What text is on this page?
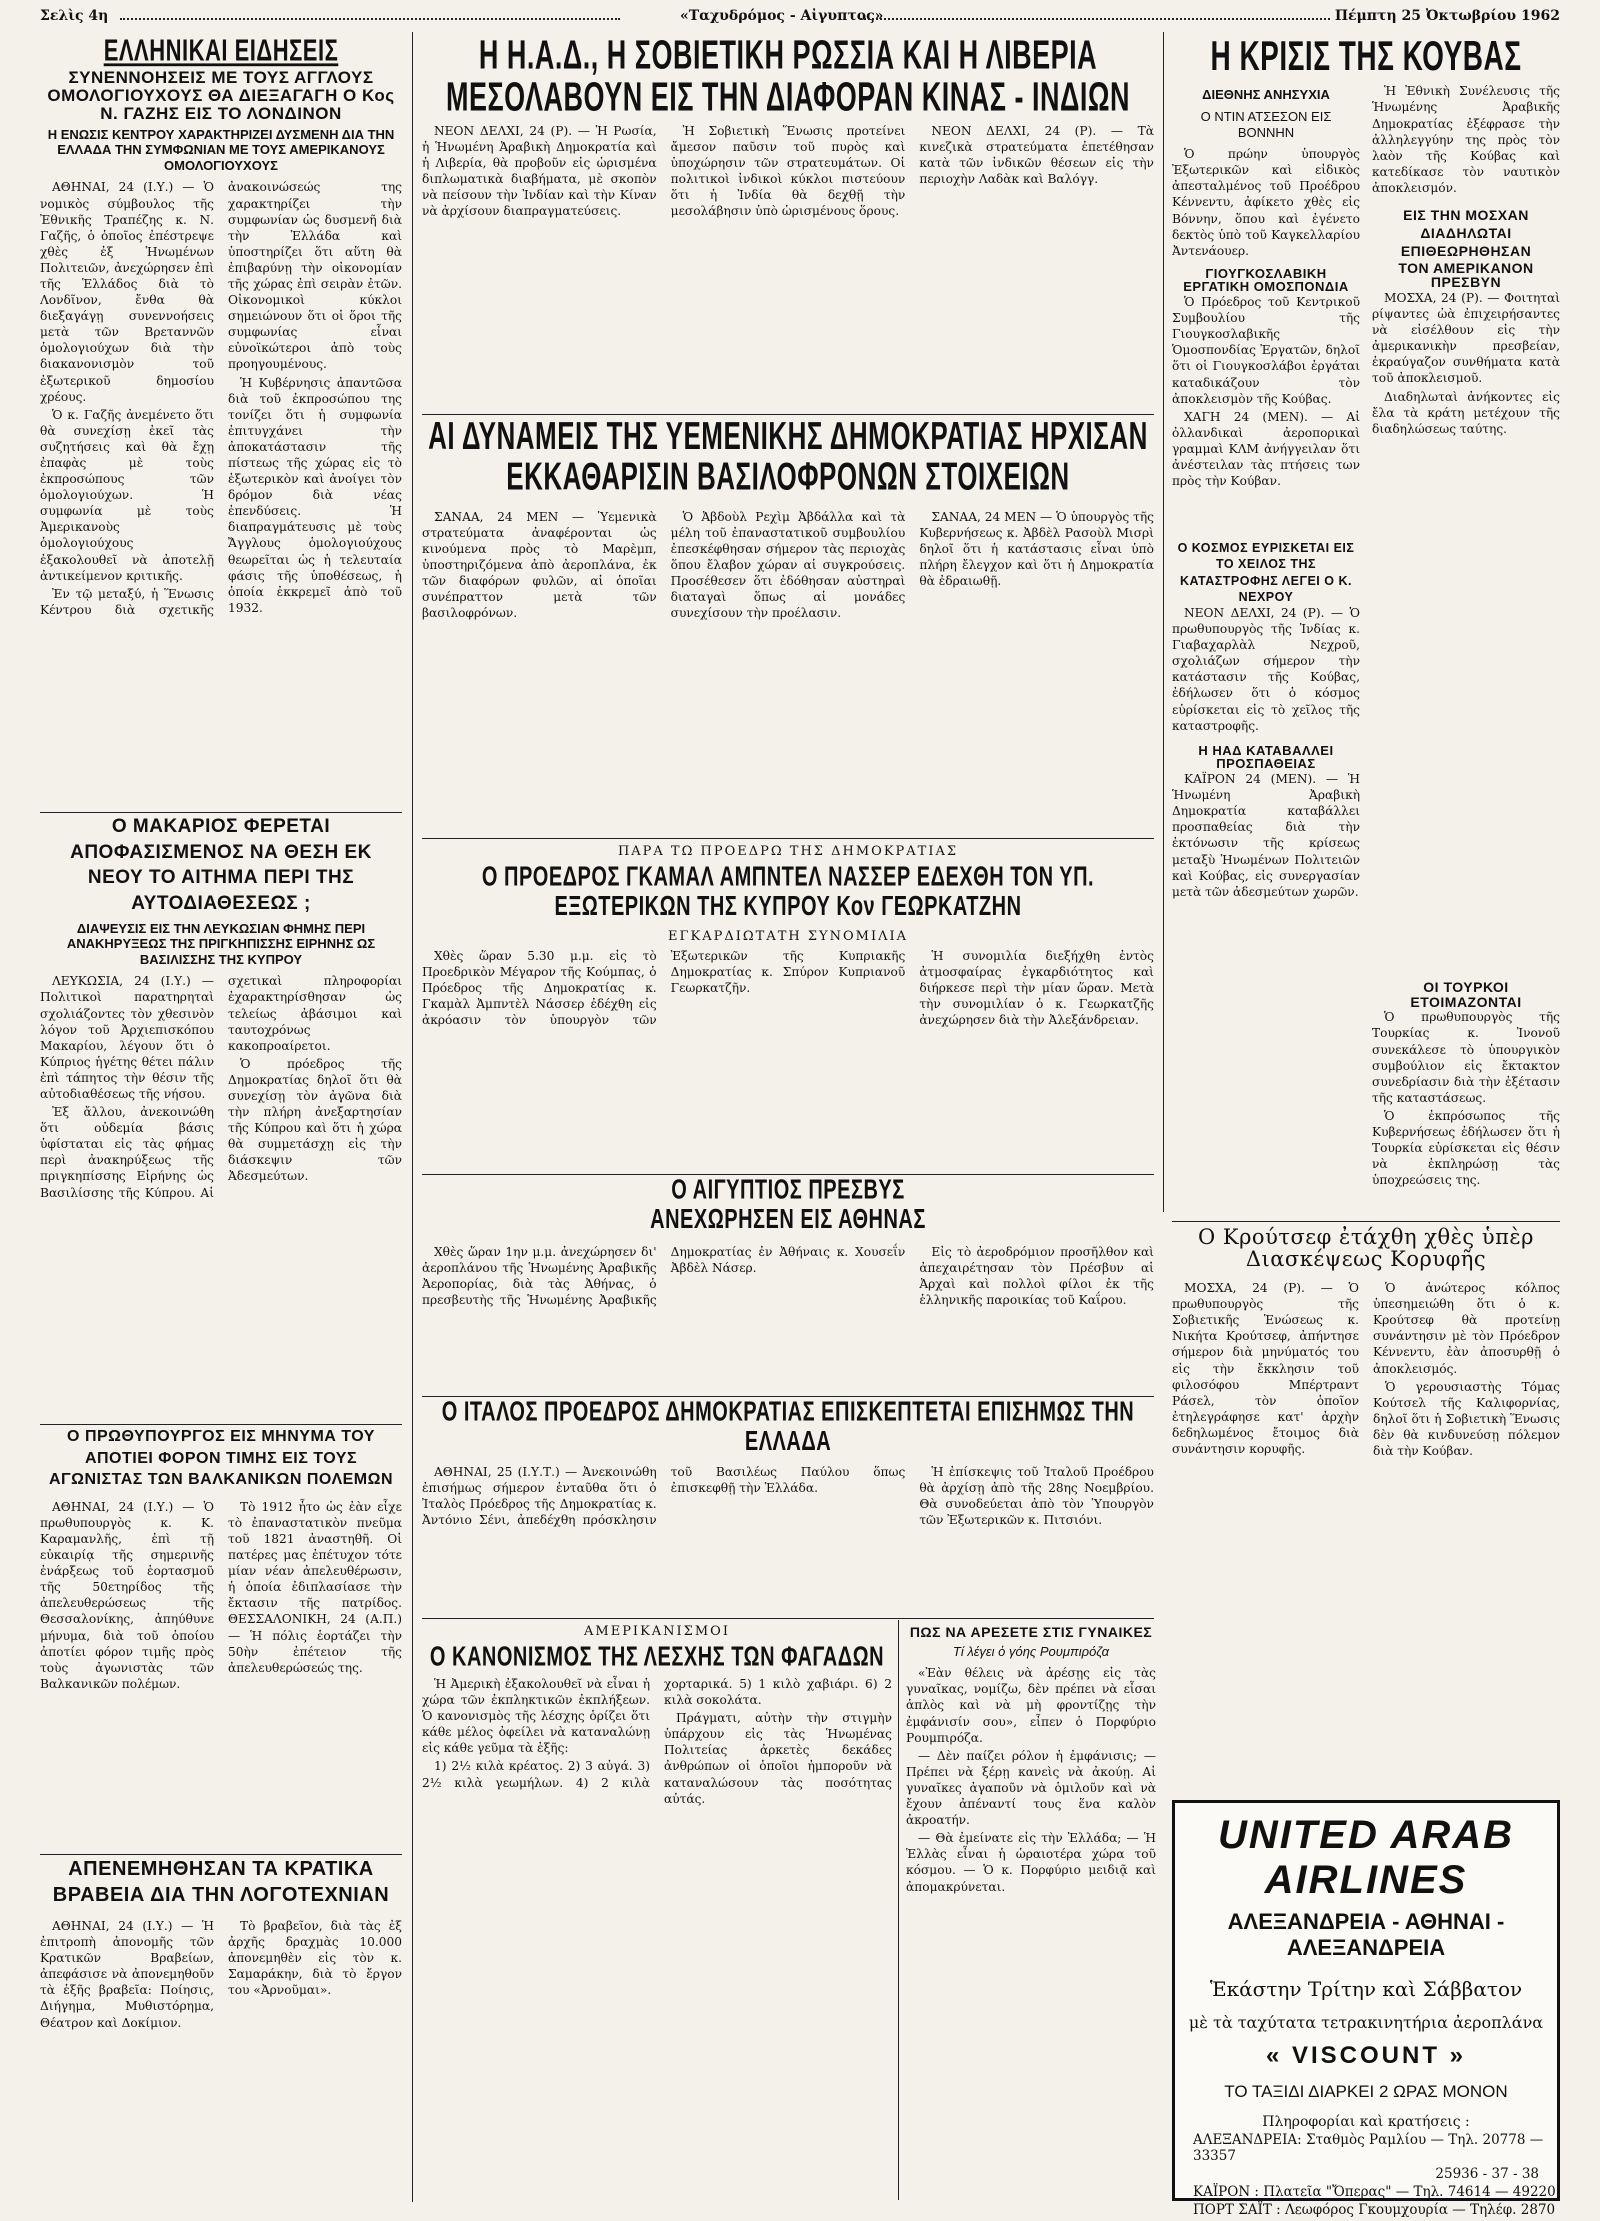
Σελὶς 4η	«Ταχυδρόμος - Αἰγυπτος»	Πέμπτη 25 Ὀκτωβρίου 1962
ΕΛΛΗΝΙΚΑΙ ΕΙΔΗΣΕΙΣ
ΣΥΝΕΝΝΟΗΣΕΙΣ ΜΕ ΤΟΥΣ ΑΓΓΛΟΥΣ ΟΜΟΛΟΓΙΟΥΧΟΥΣ ΘΑ ΔΙΕΞΑΓΑΓΗ Ο Κος Ν. ΓΑΖΗΣ ΕΙΣ ΤΟ ΛΟΝΔΙΝΟΝ
Η ΕΝΩΣΙΣ ΚΕΝΤΡΟΥ ΧΑΡΑΚΤΗΡΙΖΕΙ ΔΥΣΜΕΝΗ ΔΙΑ ΤΗΝ ΕΛΛΑΔΑ ΤΗΝ ΣΥΜΦΩΝΙΑΝ ΜΕ ΤΟΥΣ ΑΜΕΡΙΚΑΝΟΥΣ ΟΜΟΛΟΓΙΟΥΧΟΥΣ

ΑΘΗΝΑΙ, 24 (Ι.Υ.) — Ὁ νομικὸς σύμβουλος τῆς Ἐθνικῆς Τραπέζης κ. Ν. Γαζῆς, ὁ ὁποῖος ἐπέστρεψε χθὲς ἐξ Ἡνωμένων Πολιτειῶν, ἀνεχώρησεν ἐπὶ τῆς Ἑλλάδος διὰ τὸ Λονδῖνον, ἔνθα θὰ διεξαγάγῃ συνεννοήσεις μετὰ τῶν Βρεταννῶν ὁμολογιούχων διὰ τὴν διακανονισμὸν τοῦ ἐξωτερικοῦ δημοσίου χρέους.

Ὁ κ. Γαζῆς ἀνεμένετο ὅτι θὰ συνεχίσῃ ἐκεῖ τὰς συζητήσεις καὶ θὰ ἔχῃ ἐπαφὰς μὲ τοὺς ἐκπροσώπους τῶν ὁμολογιούχων. Ἡ συμφωνία μὲ τοὺς Ἀμερικανοὺς ὁμολογιούχους ἐξακολουθεῖ νὰ ἀποτελῇ ἀντικείμενον κριτικῆς.

Ἐν τῷ μεταξύ, ἡ Ἕνωσις Κέντρου διὰ σχετικῆς ἀνακοινώσεώς της χαρακτηρίζει τὴν συμφωνίαν ὡς δυσμενῆ διὰ τὴν Ἑλλάδα καὶ ὑποστηρίζει ὅτι αὕτη θὰ ἐπιβαρύνῃ τὴν οἰκονομίαν τῆς χώρας ἐπὶ σειρὰν ἐτῶν. Οἰκονομικοὶ κύκλοι σημειώνουν ὅτι οἱ ὅροι τῆς συμφωνίας εἶναι εὐνοϊκώτεροι ἀπὸ τοὺς προηγουμένους.

Ἡ Κυβέρνησις ἀπαντῶσα διὰ τοῦ ἐκπροσώπου της τονίζει ὅτι ἡ συμφωνία ἐπιτυγχάνει τὴν ἀποκατάστασιν τῆς πίστεως τῆς χώρας εἰς τὸ ἐξωτερικὸν καὶ ἀνοίγει τὸν δρόμον διὰ νέας ἐπενδύσεις. Ἡ διαπραγμάτευσις μὲ τοὺς Ἄγγλους ὁμολογιούχους θεωρεῖται ὡς ἡ τελευταία φάσις τῆς ὑποθέσεως, ἡ ὁποία ἐκκρεμεῖ ἀπὸ τοῦ 1932.

Ο ΜΑΚΑΡΙΟΣ ΦΕΡΕΤΑΙ ΑΠΟΦΑΣΙΣΜΕΝΟΣ ΝΑ ΘΕΣΗ ΕΚ ΝΕΟΥ ΤΟ ΑΙΤΗΜΑ ΠΕΡΙ ΤΗΣ ΑΥΤΟΔΙΑΘΕΣΕΩΣ ;
ΔΙΑΨΕΥΣΙΣ ΕΙΣ ΤΗΝ ΛΕΥΚΩΣΙΑΝ ΦΗΜΗΣ ΠΕΡΙ ΑΝΑΚΗΡΥΞΕΩΣ ΤΗΣ ΠΡΙΓΚΗΠΙΣΣΗΣ ΕΙΡΗΝΗΣ ΩΣ ΒΑΣΙΛΙΣΣΗΣ ΤΗΣ ΚΥΠΡΟΥ

ΛΕΥΚΩΣΙΑ, 24 (Ι.Υ.) — Πολιτικοὶ παρατηρηταὶ σχολιάζοντες τὸν χθεσινὸν λόγον τοῦ Ἀρχιεπισκόπου Μακαρίου, λέγουν ὅτι ὁ Κύπριος ἡγέτης θέτει πάλιν ἐπὶ τάπητος τὴν θέσιν τῆς αὐτοδιαθέσεως τῆς νήσου.

Ἐξ ἄλλου, ἀνεκοινώθη ὅτι οὐδεμία βάσις ὑφίσταται εἰς τὰς φήμας περὶ ἀνακηρύξεως τῆς πριγκηπίσσης Εἰρήνης ὡς Βασιλίσσης τῆς Κύπρου. Αἱ σχετικαὶ πληροφορίαι ἐχαρακτηρίσθησαν ὡς τελείως ἀβάσιμοι καὶ ταυτοχρόνως κακοπροαίρετοι.

Ὁ πρόεδρος τῆς Δημοκρατίας δηλοῖ ὅτι θὰ συνεχίσῃ τὸν ἀγῶνα διὰ τὴν πλήρη ἀνεξαρτησίαν τῆς Κύπρου καὶ ὅτι ἡ χώρα θὰ συμμετάσχῃ εἰς τὴν διάσκεψιν τῶν Ἀδεσμεύτων.

Ο ΠΡΩΘΥΠΟΥΡΓΟΣ ΕΙΣ ΜΗΝΥΜΑ ΤΟΥ ΑΠΟΤΙΕΙ ΦΟΡΟΝ ΤΙΜΗΣ ΕΙΣ ΤΟΥΣ ΑΓΩΝΙΣΤΑΣ ΤΩΝ ΒΑΛΚΑΝΙΚΩΝ ΠΟΛΕΜΩΝ

ΑΘΗΝΑΙ, 24 (Ι.Υ.) — Ὁ πρωθυπουργὸς κ. Κ. Καραμανλῆς, ἐπὶ τῇ εὐκαιρίᾳ τῆς σημερινῆς ἐνάρξεως τοῦ ἑορτασμοῦ τῆς 50ετηρίδος τῆς ἀπελευθερώσεως τῆς Θεσσαλονίκης, ἀπηύθυνε μήνυμα, διὰ τοῦ ὁποίου ἀποτίει φόρον τιμῆς πρὸς τοὺς ἀγωνιστὰς τῶν Βαλκανικῶν πολέμων.

Τὸ 1912 ἦτο ὡς ἐὰν εἶχε τὸ ἐπαναστατικὸν πνεῦμα τοῦ 1821 ἀναστηθῆ. Οἱ πατέρες μας ἐπέτυχον τότε μίαν νέαν ἀπελευθέρωσιν, ἡ ὁποία ἐδιπλασίασε τὴν ἔκτασιν τῆς πατρίδος. ΘΕΣΣΑΛΟΝΙΚΗ, 24 (Α.Π.) — Ἡ πόλις ἑορτάζει τὴν 50ὴν ἐπέτειον τῆς ἀπελευθερώσεώς της.

ΑΠΕΝΕΜΗΘΗΣΑΝ ΤΑ ΚΡΑΤΙΚΑ ΒΡΑΒΕΙΑ ΔΙΑ ΤΗΝ ΛΟΓΟΤΕΧΝΙΑΝ

ΑΘΗΝΑΙ, 24 (Ι.Υ.) — Ἡ ἐπιτροπὴ ἀπονομῆς τῶν Κρατικῶν Βραβείων, ἀπεφάσισε νὰ ἀπονεμηθοῦν τὰ ἑξῆς βραβεῖα: Ποίησις, Διήγημα, Μυθιστόρημα, Θέατρον καὶ Δοκίμιον.

Τὸ βραβεῖον, διὰ τὰς ἐξ ἀρχῆς δραχμὰς 10.000 ἀπονεμηθὲν εἰς τὸν κ. Σαμαράκην, διὰ τὸ ἔργον του «Ἀρνοῦμαι».

Η Η.Α.Δ., Η ΣΟΒΙΕΤΙΚΗ ΡΩΣΣΙΑ ΚΑΙ Η ΛΙΒΕΡΙΑ ΜΕΣΟΛΑΒΟΥΝ ΕΙΣ ΤΗΝ ΔΙΑΦΟΡΑΝ ΚΙΝΑΣ - ΙΝΔΙΩΝ

ΝΕΟΝ ΔΕΛΧΙ, 24 (Ρ). — Ἡ Ρωσία, ἡ Ἡνωμένη Ἀραβικὴ Δημοκρατία καὶ ἡ Λιβερία, θὰ προβοῦν εἰς ὡρισμένα διπλωματικὰ διαβήματα, μὲ σκοπὸν νὰ πείσουν τὴν Ἰνδίαν καὶ τὴν Κίναν νὰ ἀρχίσουν διαπραγματεύσεις.

Ἡ Σοβιετικὴ Ἕνωσις προτείνει ἄμεσον παῦσιν τοῦ πυρὸς καὶ ὑποχώρησιν τῶν στρατευμάτων. Οἱ πολιτικοὶ ἰνδικοὶ κύκλοι πιστεύουν ὅτι ἡ Ἰνδία θὰ δεχθῇ τὴν μεσολάβησιν ὑπὸ ὡρισμένους ὅρους.

ΝΕΟΝ ΔΕΛΧΙ, 24 (Ρ). — Τὰ κινεζικὰ στρατεύματα ἐπετέθησαν κατὰ τῶν ἰνδικῶν θέσεων εἰς τὴν περιοχὴν Λαδὰκ καὶ Βαλόγγ.

ΑΙ ΔΥΝΑΜΕΙΣ ΤΗΣ ΥΕΜΕΝΙΚΗΣ ΔΗΜΟΚΡΑΤΙΑΣ ΗΡΧΙΣΑΝ ΕΚΚΑΘΑΡΙΣΙΝ ΒΑΣΙΛΟΦΡΟΝΩΝ ΣΤΟΙΧΕΙΩΝ

ΣΑΝΑΑ, 24 ΜΕΝ — Ὑεμενικὰ στρατεύματα ἀναφέρονται ὡς κινούμενα πρὸς τὸ Μαρὲμπ, ὑποστηριζόμενα ἀπὸ ἀεροπλάνα, ἐκ τῶν διαφόρων φυλῶν, αἱ ὁποῖαι συνέπραττον μετὰ τῶν βασιλοφρόνων.

Ὁ Ἀβδοὺλ Ρεχὶμ Ἀβδάλλα καὶ τὰ μέλη τοῦ ἐπαναστατικοῦ συμβουλίου ἐπεσκέφθησαν σήμερον τὰς περιοχὰς ὅπου ἔλαβον χώραν αἱ συγκρούσεις. Προσέθεσεν ὅτι ἐδόθησαν αὐστηραὶ διαταγαὶ ὅπως αἱ μονάδες συνεχίσουν τὴν προέλασιν.

ΣΑΝΑΑ, 24 ΜΕΝ — Ὁ ὑπουργὸς τῆς Κυβερνήσεως κ. Ἀβδὲλ Ρασοὺλ Μισρὶ δηλοῖ ὅτι ἡ κατάστασις εἶναι ὑπὸ πλήρη ἔλεγχον καὶ ὅτι ἡ Δημοκρατία θὰ ἐδραιωθῇ.

ΠΑΡΑ ΤΩ ΠΡΟΕΔΡΩ ΤΗΣ ΔΗΜΟΚΡΑΤΙΑΣ
Ο ΠΡΟΕΔΡΟΣ ΓΚΑΜΑΛ ΑΜΠΝΤΕΛ ΝΑΣΣΕΡ ΕΔΕΧΘΗ ΤΟΝ ΥΠ. ΕΞΩΤΕΡΙΚΩΝ ΤΗΣ ΚΥΠΡΟΥ Κον ΓΕΩΡΚΑΤΖΗΝ
ΕΓΚΑΡΔΙΩΤΑΤΗ ΣΥΝΟΜΙΛΙΑ

Χθὲς ὥραν 5.30 μ.μ. εἰς τὸ Προεδρικὸν Μέγαρον τῆς Κούμπας, ὁ Πρόεδρος τῆς Δημοκρατίας κ. Γκαμὰλ Ἀμπντὲλ Νάσσερ ἐδέχθη εἰς ἀκρόασιν τὸν ὑπουργὸν τῶν Ἐξωτερικῶν τῆς Κυπριακῆς Δημοκρατίας κ. Σπύρον Κυπριανοῦ Γεωρκατζῆν.

Ἡ συνομιλία διεξήχθη ἐντὸς ἀτμοσφαίρας ἐγκαρδιότητος καὶ διήρκεσε περὶ τὴν μίαν ὥραν. Μετὰ τὴν συνομιλίαν ὁ κ. Γεωρκατζῆς ἀνεχώρησεν διὰ τὴν Ἀλεξάνδρειαν.

Ο ΑΙΓΥΠΤΙΟΣ ΠΡΕΣΒΥΣ ΑΝΕΧΩΡΗΣΕΝ ΕΙΣ ΑΘΗΝΑΣ

Χθὲς ὥραν 1ην μ.μ. ἀνεχώρησεν δι' ἀεροπλάνου τῆς Ἡνωμένης Ἀραβικῆς Ἀεροπορίας, διὰ τὰς Ἀθήνας, ὁ πρεσβευτὴς τῆς Ἡνωμένης Ἀραβικῆς Δημοκρατίας ἐν Ἀθήναις κ. Χουσεΐν Ἀβδὲλ Νάσερ.

Εἰς τὸ ἀεροδρόμιον προσῆλθον καὶ ἀπεχαιρέτησαν τὸν Πρέσβυν αἱ Ἀρχαὶ καὶ πολλοὶ φίλοι ἐκ τῆς ἑλληνικῆς παροικίας τοῦ Καΐρου.

Ο ΙΤΑΛΟΣ ΠΡΟΕΔΡΟΣ ΔΗΜΟΚΡΑΤΙΑΣ ΕΠΙΣΚΕΠΤΕΤΑΙ ΕΠΙΣΗΜΩΣ ΤΗΝ ΕΛΛΑΔΑ

ΑΘΗΝΑΙ, 25 (Ι.Υ.Τ.) — Ἀνεκοινώθη ἐπισήμως σήμερον ἐνταῦθα ὅτι ὁ Ἰταλὸς Πρόεδρος τῆς Δημοκρατίας κ. Ἀντόνιο Σένι, ἀπεδέχθη πρόσκλησιν τοῦ Βασιλέως Παύλου ὅπως ἐπισκεφθῇ τὴν Ἑλλάδα.

Ἡ ἐπίσκεψις τοῦ Ἰταλοῦ Προέδρου θὰ ἀρχίσῃ ἀπὸ τῆς 28ης Νοεμβρίου. Θὰ συνοδεύεται ἀπὸ τὸν Ὑπουργὸν τῶν Ἐξωτερικῶν κ. Πιτσιόνι.

ΑΜΕΡΙΚΑΝΙΣΜΟΙ
Ο ΚΑΝΟΝΙΣΜΟΣ ΤΗΣ ΛΕΣΧΗΣ ΤΩΝ ΦΑΓΑΔΩΝ

Ἡ Ἀμερικὴ ἐξακολουθεῖ νὰ εἶναι ἡ χώρα τῶν ἐκπληκτικῶν ἐκπλήξεων. Ὁ κανονισμὸς τῆς λέσχης ὁρίζει ὅτι κάθε μέλος ὀφείλει νὰ καταναλώνῃ εἰς κάθε γεῦμα τὰ ἑξῆς:

1) 2½ κιλὰ κρέατος. 2) 3 αὐγά. 3) 2½ κιλὰ γεωμήλων. 4) 2 κιλὰ χορταρικά. 5) 1 κιλὸ χαβιάρι. 6) 2 κιλὰ σοκολάτα.

Πράγματι, αὐτὴν τὴν στιγμὴν ὑπάρχουν εἰς τὰς Ἡνωμένας Πολιτείας ἀρκετὲς δεκάδες ἀνθρώπων οἱ ὁποῖοι ἠμποροῦν νὰ καταναλώσουν τὰς ποσότητας αὐτάς.

ΠΩΣ ΝΑ ΑΡΕΣΕΤΕ ΣΤΙΣ ΓΥΝΑΙΚΕΣ
Τί λέγει ὁ γόης Ρουμπιρόζα

«Ἐὰν θέλεις νὰ ἀρέσῃς εἰς τὰς γυναῖκας, νομίζω, δὲν πρέπει νὰ εἶσαι ἁπλὸς καὶ νὰ μὴ φροντίζῃς τὴν ἐμφάνισίν σου», εἶπεν ὁ Πορφύριο Ρουμπιρόζα.

— Δὲν παίζει ρόλον ἡ ἐμφάνισις; — Πρέπει νὰ ξέρῃ κανεὶς νὰ ἀκούῃ. Αἱ γυναῖκες ἀγαποῦν νὰ ὁμιλοῦν καὶ νὰ ἔχουν ἀπέναντί τους ἕνα καλὸν ἀκροατήν.

— Θὰ ἐμείνατε εἰς τὴν Ἑλλάδα; — Ἡ Ἑλλὰς εἶναι ἡ ὡραιοτέρα χώρα τοῦ κόσμου. — Ὁ κ. Πορφύριο μειδιᾷ καὶ ἀπομακρύνεται.

Η ΚΡΙΣΙΣ ΤΗΣ ΚΟΥΒΑΣ
ΔΙΕΘΝΗΣ ΑΝΗΣΥΧΙΑ
Ο ΝΤΙΝ ΑΤΣΕΣΟΝ ΕΙΣ ΒΟΝΝΗΝ

Ὁ πρώην ὑπουργὸς Ἐξωτερικῶν καὶ εἰδικὸς ἀπεσταλμένος τοῦ Προέδρου Κέννεντυ, ἀφίκετο χθὲς εἰς Βόννην, ὅπου καὶ ἐγένετο δεκτὸς ὑπὸ τοῦ Καγκελλαρίου Ἀντενάουερ.

ΓΙΟΥΓΚΟΣΛΑΒΙΚΗ ΕΡΓΑΤΙΚΗ ΟΜΟΣΠΟΝΔΙΑ

Ὁ Πρόεδρος τοῦ Κεντρικοῦ Συμβουλίου τῆς Γιουγκοσλαβικῆς Ὁμοσπονδίας Ἐργατῶν, δηλοῖ ὅτι οἱ Γιουγκοσλάβοι ἐργάται καταδικάζουν τὸν ἀποκλεισμὸν τῆς Κούβας.

ΧΑΓΗ 24 (ΜΕΝ). — Αἱ ὀλλανδικαὶ ἀεροπορικαὶ γραμμαὶ ΚΛΜ ἀνήγγειλαν ὅτι ἀνέστειλαν τὰς πτήσεις των πρὸς τὴν Κούβαν.

Ἡ Ἐθνικὴ Συνέλευσις τῆς Ἡνωμένης Ἀραβικῆς Δημοκρατίας ἐξέφρασε τὴν ἀλληλεγγύην της πρὸς τὸν λαὸν τῆς Κούβας καὶ κατεδίκασε τὸν ναυτικὸν ἀποκλεισμόν.

ΕΙΣ ΤΗΝ ΜΟΣΧΑΝ ΔΙΑΔΗΛΩΤΑΙ ΕΠΙΘΕΩΡΗΘΗΣΑΝ
ΤΟΝ ΑΜΕΡΙΚΑΝΟΝ ΠΡΕΣΒΥΝ

ΜΟΣΧΑ, 24 (Ρ). — Φοιτηταὶ ρίψαντες ὠὰ ἐπιχειρήσαντες νὰ εἰσέλθουν εἰς τὴν ἀμερικανικὴν πρεσβείαν, ἐκραύγαζον συνθήματα κατὰ τοῦ ἀποκλεισμοῦ.

Διαδηλωταὶ ἀνήκοντες εἰς ἔλα τὰ κράτη μετέχουν τῆς διαδηλώσεως ταύτης.

Ο ΚΟΣΜΟΣ ΕΥΡΙΣΚΕΤΑΙ ΕΙΣ ΤΟ ΧΕΙΛΟΣ ΤΗΣ ΚΑΤΑΣΤΡΟΦΗΣ ΛΕΓΕΙ Ο Κ. ΝΕΧΡΟΥ

ΝΕΟΝ ΔΕΛΧΙ, 24 (Ρ). — Ὁ πρωθυπουργὸς τῆς Ἰνδίας κ. Γιαβαχαρλὰλ Νεχροῦ, σχολιάζων σήμερον τὴν κατάστασιν τῆς Κούβας, ἐδήλωσεν ὅτι ὁ κόσμος εὑρίσκεται εἰς τὸ χεῖλος τῆς καταστροφῆς.

Η ΗΑΔ ΚΑΤΑΒΑΛΛΕΙ ΠΡΟΣΠΑΘΕΙΑΣ

ΚΑΪΡΟΝ 24 (ΜΕΝ). — Ἡ Ἡνωμένη Ἀραβικὴ Δημοκρατία καταβάλλει προσπαθείας διὰ τὴν ἐκτόνωσιν τῆς κρίσεως μεταξὺ Ἡνωμένων Πολιτειῶν καὶ Κούβας, εἰς συνεργασίαν μετὰ τῶν ἀδεσμεύτων χωρῶν.

ΟΙ ΤΟΥΡΚΟΙ ΕΤΟΙΜΑΖΟΝΤΑΙ

Ὁ πρωθυπουργὸς τῆς Τουρκίας κ. Ἰνονοῦ συνεκάλεσε τὸ ὑπουργικὸν συμβούλιον εἰς ἔκτακτον συνεδρίασιν διὰ τὴν ἐξέτασιν τῆς καταστάσεως.

Ὁ ἐκπρόσωπος τῆς Κυβερνήσεως ἐδήλωσεν ὅτι ἡ Τουρκία εὑρίσκεται εἰς θέσιν νὰ ἐκπληρώσῃ τὰς ὑποχρεώσεις της.

Ο Κρούτσεφ ἐτάχθη χθὲς ὑπὲρ Διασκέψεως Κορυφῆς

ΜΟΣΧΑ, 24 (Ρ). — Ὁ πρωθυπουργὸς τῆς Σοβιετικῆς Ἑνώσεως κ. Νικήτα Κρούτσεφ, ἀπήντησε σήμερον διὰ μηνύματός του εἰς τὴν ἔκκλησιν τοῦ φιλοσόφου Μπέρτραντ Ράσελ, τὸν ὁποῖον ἐτηλεγράφησε κατ' ἀρχὴν δεδηλωμένος ἔτοιμος διὰ συνάντησιν κορυφῆς.

Ὁ ἀνώτερος κόλπος ὑπεσημειώθη ὅτι ὁ κ. Κρούτσεφ θὰ προτείνῃ συνάντησιν μὲ τὸν Πρόεδρον Κέννεντυ, ἐὰν ἀποσυρθῇ ὁ ἀποκλεισμός.

Ὁ γερουσιαστὴς Τόμας Κούτσελ τῆς Καλιφορνίας, δηλοῖ ὅτι ἡ Σοβιετικὴ Ἕνωσις δὲν θὰ κινδυνεύσῃ πόλεμον διὰ τὴν Κούβαν.

UNITED ARAB AIRLINES
ΑΛΕΞΑΝΔΡΕΙΑ - ΑΘΗΝΑΙ - ΑΛΕΞΑΝΔΡΕΙΑ
Ἑκάστην Τρίτην καὶ Σάββατον
μὲ τὰ ταχύτατα τετρακινητήρια ἀεροπλάνα
« VISCOUNT »
ΤΟ ΤΑΞΙΔΙ ΔΙΑΡΚΕΙ 2 ΩΡΑΣ ΜΟΝΟΝ
Πληροφορίαι καὶ κρατήσεις :
ΑΛΕΞΑΝΔΡΕΙΑ: Σταθμὸς Ραμλίου — Τηλ. 20778 — 33357
25936 - 37 - 38
ΚΑΪΡΟΝ : Πλατεῖα "Ὄπερας" — Τηλ. 74614 — 49220
ΠΟΡΤ ΣΑΪΤ : Λεωφόρος Γκουμχουρία — Τηλέφ. 2870
